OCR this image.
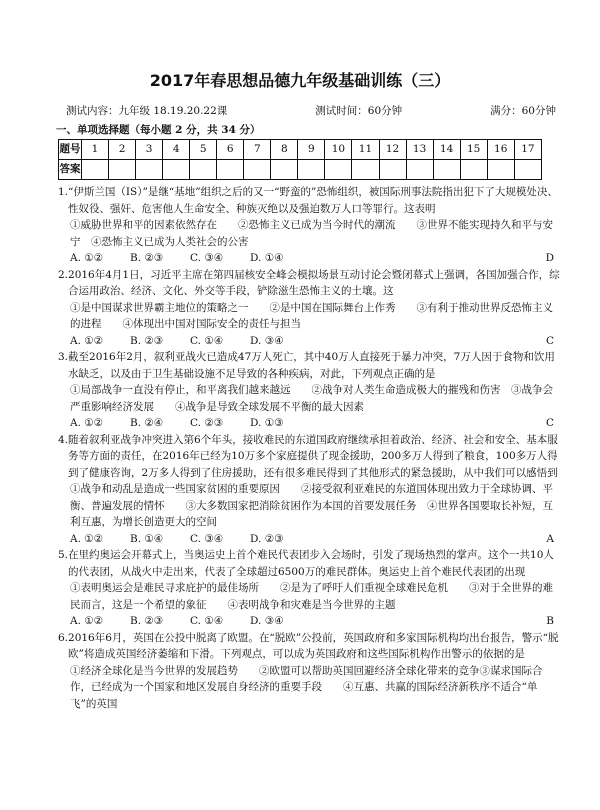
2017年春思想品德九年级基础训练（三）
测试内容：九年级 18.19.20.22课	测试时间：60分钟	满分：60分钟
一、单项选择题（每小题 2 分，共 34 分）
题号	1	2	3	4	5	6	7	8	9	10	11	12	13	14	15	16	17
答案																	
1.“伊斯兰国（IS）”是继“基地”组织之后的又一“野蛮的”恐怖组织，被国际刑事法院指出犯下了大规模处决、性奴役、强奸、危害他人生命安全、种族灭绝以及强迫数万人口等罪行。这表明
①威胁世界和平的因素依然存在　　②恐怖主义已成为当今时代的潮流　　③世界不能实现持久和平与安宁　④恐怖主义已成为人类社会的公害
A. ①②	B. ②③	C. ③④	D. ①④	D
2.2016年4月1日，习近平主席在第四届核安全峰会模拟场景互动讨论会暨闭幕式上强调，各国加强合作，综合运用政治、经济、文化、外交等手段，铲除滋生恐怖主义的土壤。这
①是中国谋求世界霸主地位的策略之一　　②是中国在国际舞台上作秀　　③有利于推动世界反恐怖主义的进程　　④体现出中国对国际安全的责任与担当
A. ①②	B. ②③	C. ①④	D. ③④	C
3.截至2016年2月，叙利亚战火已造成47万人死亡，其中40万人直接死于暴力冲突，7万人因于食物和饮用水缺乏，以及由于卫生基础设施不足导致的各种疾病，对此，下列观点正确的是
①局部战争一直没有停止，和平离我们越来越远　　②战争对人类生命造成极大的摧残和伤害　③战争会严重影响经济发展　　④战争是导致全球发展不平衡的最大因素
A. ①②	B. ②④	C. ②③	D. ①③	C
4.随着叙利亚战争冲突进入第6个年头，接收难民的东道国政府继续承担着政治、经济、社会和安全、基本服务等方面的责任，在2016年已经为10万多个家庭提供了现金援助，200多万人得到了粮食，100多万人得到了健康咨询，2万多人得到了住房援助，还有很多难民得到了其他形式的紧急援助，从中我们可以感悟到
①战争和动乱是造成一些国家贫困的重要原因　　②接受叙利亚难民的东道国体现出致力于全球协调、平衡、普遍发展的情怀　　③大多数国家把消除贫困作为本国的首要发展任务　④世界各国要取长补短，互利互惠，为增长创造更大的空间
A. ①②	B. ①④	C. ③④	D. ②③	A
5.在里约奥运会开幕式上，当奥运史上首个难民代表团步入会场时，引发了现场热烈的掌声。这个一共10人的代表团，从战火中走出来，代表了全球超过6500万的难民群体。奥运史上首个难民代表团的出现
①表明奥运会是难民寻求庇护的最佳场所　　②是为了呼吁人们重视全球难民危机　　③对于全世界的难民而言，这是一个希望的象征　　④表明战争和灾难是当今世界的主题
A. ①②	B. ②③	C. ①④	D. ③④	B
6.2016年6月，英国在公投中脱离了欧盟。在“脱欧”公投前，英国政府和多家国际机构均出台报告，警示“脱欧”将造成英国经济萎缩和下滑。下列观点，可以成为英国政府和这些国际机构作出警示的依据的是
①经济全球化是当今世界的发展趋势　　②欧盟可以帮助英国回避经济全球化带来的竞争③谋求国际合作，已经成为一个国家和地区发展自身经济的重要手段　　④互惠、共赢的国际经济新秩序不适合“单飞”的英国
